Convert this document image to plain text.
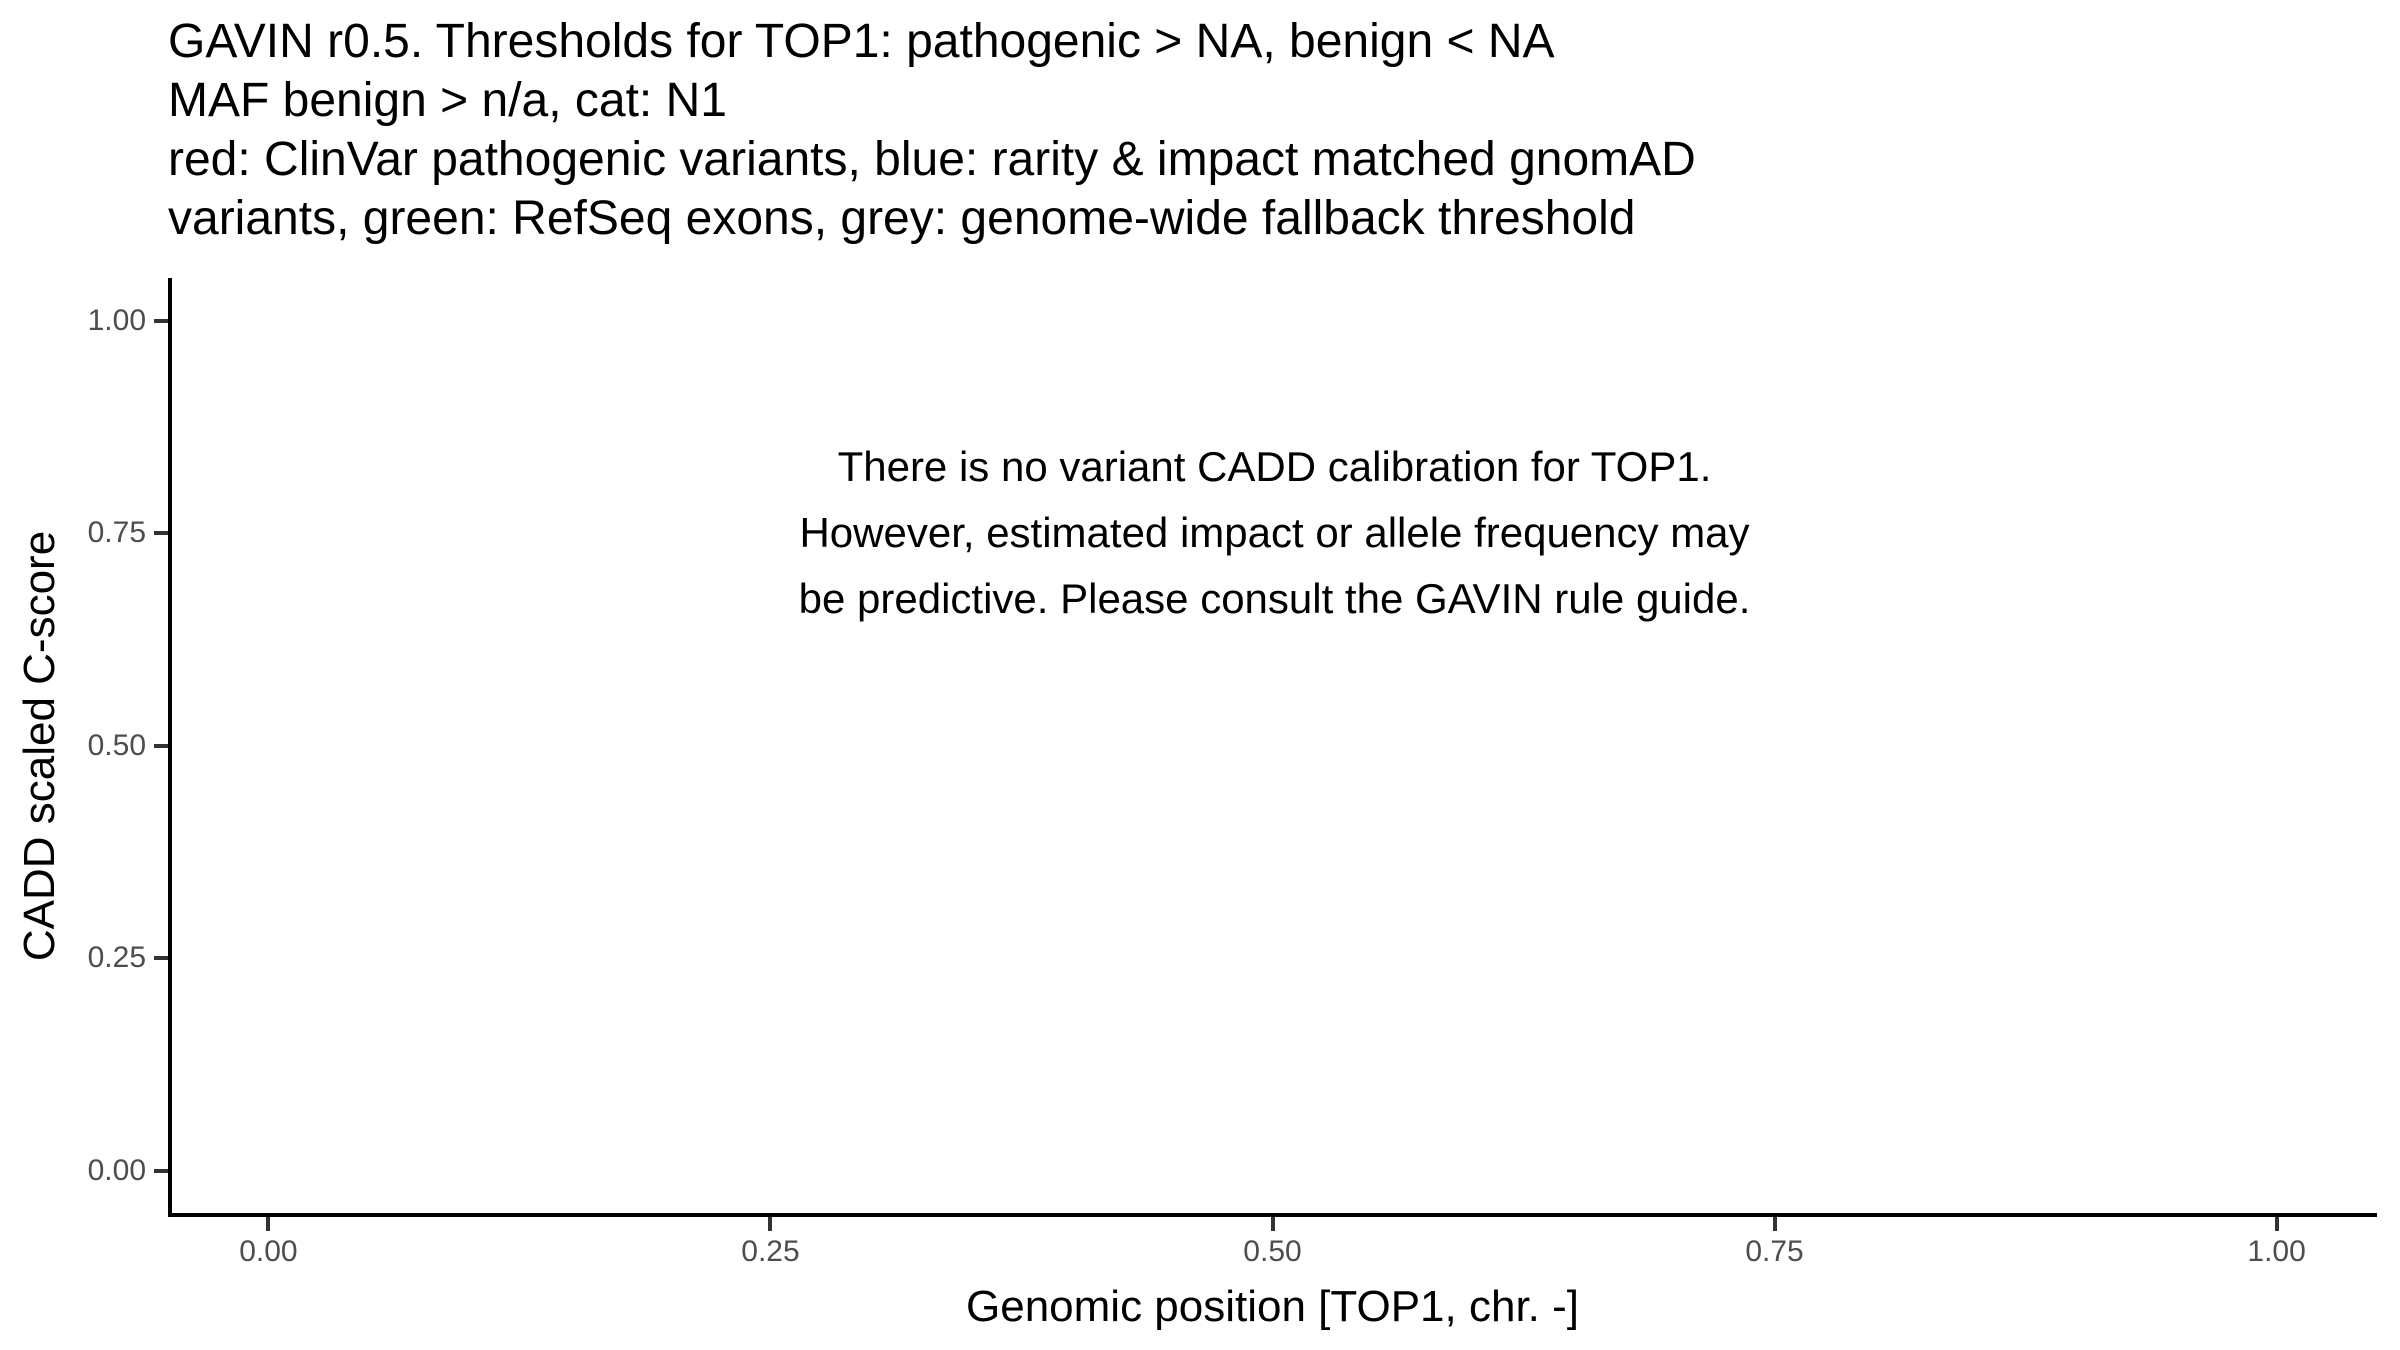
GAVIN r0.5. Thresholds for TOP1: pathogenic > NA, benign < NA
MAF benign > n/a, cat: N1
red: ClinVar pathogenic variants, blue: rarity & impact matched gnomAD
variants, green: RefSeq exons, grey: genome-wide fallback threshold
There is no variant CADD calibration for TOP1.
However, estimated impact or allele frequency may
be predictive. Please consult the GAVIN rule guide.
0.00
0.25
0.50
0.75
1.00
0.00	0.25	0.50	0.75	1.00
Genomic position [TOP1, chr. -]
CADD scaled C-score
